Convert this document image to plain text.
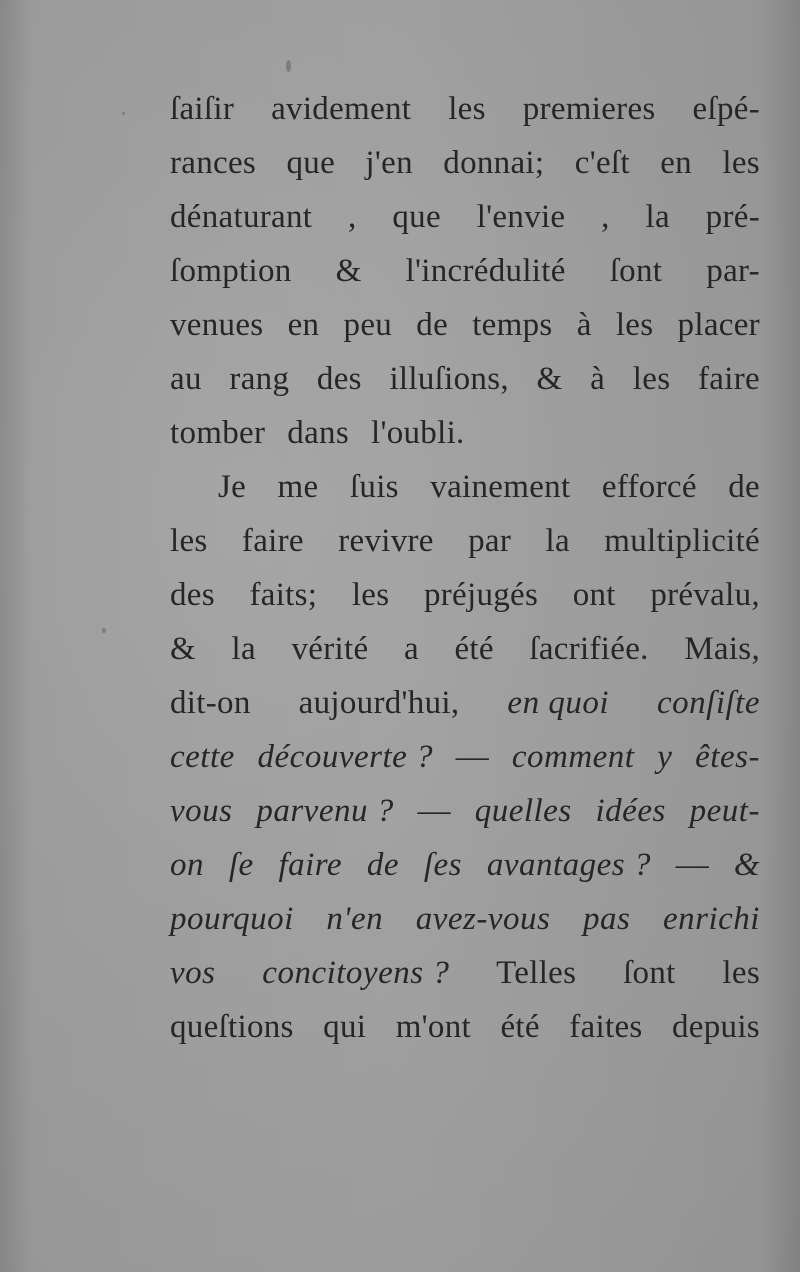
ſaiſir avidement les premieres eſpé-
rances que j'en donnai; c'eſt en les
dénaturant , que l'envie , la pré-
ſomption & l'incrédulité ſont par-
venues en peu de temps à les placer
au rang des illuſions, & à les faire
tomber dans l'oubli.
Je me ſuis vainement efforcé de
les faire revivre par la multiplicité
des faits; les préjugés ont prévalu,
& la vérité a été ſacrifiée. Mais,
dit-on aujourd'hui, en quoi conſiſte
cette découverte ? — comment y êtes-
vous parvenu ? — quelles idées peut-
on ſe faire de ſes avantages ? — &
pourquoi n'en avez-vous pas enrichi
vos concitoyens ? Telles ſont les
queſtions qui m'ont été faites depuis
